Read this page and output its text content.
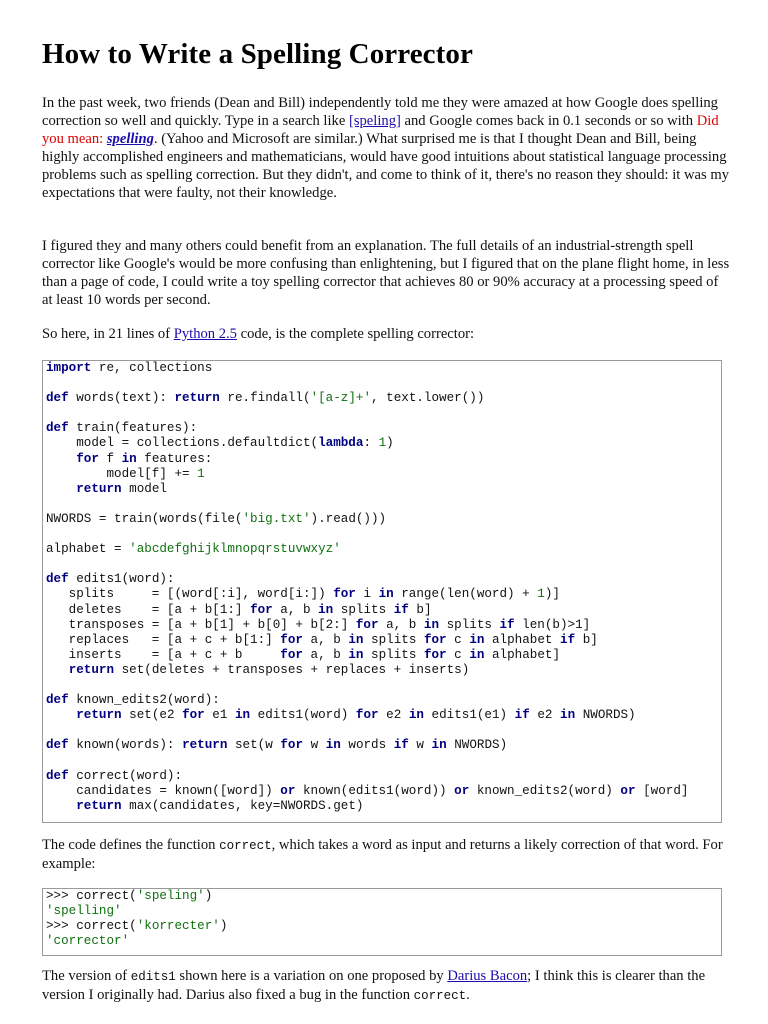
How to Write a Spelling Corrector

In the past week, two friends (Dean and Bill) independently told me they were amazed at how Google does spelling correction so well and quickly. Type in a search like [speling] and Google comes back in 0.1 seconds or so with Did you mean: spelling. (Yahoo and Microsoft are similar.) What surprised me is that I thought Dean and Bill, being highly accomplished engineers and mathematicians, would have good intuitions about statistical language processing problems such as spelling correction. But they didn't, and come to think of it, there's no reason they should: it was my expectations that were faulty, not their knowledge.

I figured they and many others could benefit from an explanation. The full details of an industrial-strength spell corrector like Google's would be more confusing than enlightening, but I figured that on the plane flight home, in less than a page of code, I could write a toy spelling corrector that achieves 80 or 90% accuracy at a processing speed of at least 10 words per second.

So here, in 21 lines of Python 2.5 code, is the complete spelling corrector:

import re, collections

def words(text): return re.findall('[a-z]+', text.lower())

def train(features):
model = collections.defaultdict(lambda: 1)
for f in features:
model[f] += 1
return model

NWORDS = train(words(file('big.txt').read()))

alphabet = 'abcdefghijklmnopqrstuvwxyz'

def edits1(word):
splits     = [(word[:i], word[i:]) for i in range(len(word) + 1)]
deletes    = [a + b[1:] for a, b in splits if b]
transposes = [a + b[1] + b[0] + b[2:] for a, b in splits if len(b)>1]
replaces   = [a + c + b[1:] for a, b in splits for c in alphabet if b]
inserts    = [a + c + b     for a, b in splits for c in alphabet]
return set(deletes + transposes + replaces + inserts)

def known_edits2(word):
return set(e2 for e1 in edits1(word) for e2 in edits1(e1) if e2 in NWORDS)

def known(words): return set(w for w in words if w in NWORDS)

def correct(word):
candidates = known([word]) or known(edits1(word)) or known_edits2(word) or [word]
return max(candidates, key=NWORDS.get)

The code defines the function correct, which takes a word as input and returns a likely correction of that word. For example:

>>> correct('speling')
'spelling'
>>> correct('korrecter')
'corrector'

The version of edits1 shown here is a variation on one proposed by Darius Bacon; I think this is clearer than the version I originally had. Darius also fixed a bug in the function correct.
